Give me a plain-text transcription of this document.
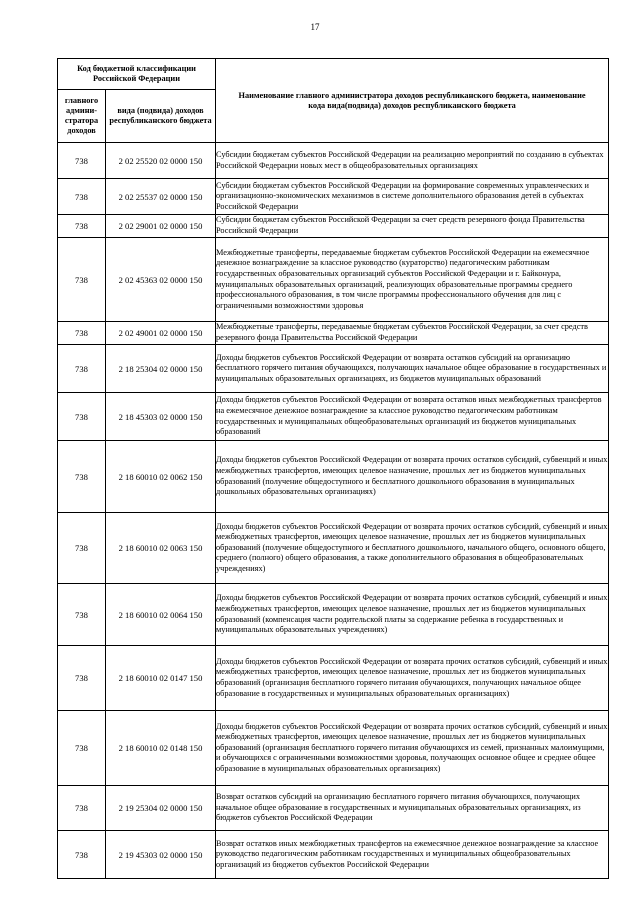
17
Код бюджетной классификации Российской Федерации		Наименование главного администратора доходов республиканского бюджета, наименование кода вида(подвида) доходов республиканского бюджета
главного админи-стратора доходов	вида (подвида) доходов республиканского бюджета	
738	2 02 25520 02 0000 150	Субсидии бюджетам субъектов Российской Федерации на реализацию мероприятий по созданию в субъектах Российской Федерации новых мест в общеобразовательных организациях
738	2 02 25537 02 0000 150	Субсидии бюджетам субъектов Российской Федерации на формирование современных управленческих и организационно-экономических механизмов в системе дополнительного образования детей в субъектах Российской Федерации
738	2 02 29001 02 0000 150	Субсидии бюджетам субъектов Российской Федерации за счет средств резервного фонда Правительства Российской Федерации
738	2 02 45363 02 0000 150	Межбюджетные трансферты, передаваемые бюджетам субъектов Российской Федерации на ежемесячное денежное вознаграждение за классное руководство (кураторство) педагогическим работникам государственных образовательных организаций субъектов Российской Федерации и г. Байконура, муниципальных образовательных организаций, реализующих образовательные программы среднего профессионального образования, в том числе программы профессионального обучения для лиц с ограниченными возможностями здоровья
738	2 02 49001 02 0000 150	Межбюджетные трансферты, передаваемые бюджетам субъектов Российской Федерации, за счет средств резервного фонда Правительства Российской Федерации
738	2 18 25304 02 0000 150	Доходы бюджетов субъектов Российской Федерации от возврата остатков субсидий на организацию бесплатного горячего питания обучающихся, получающих начальное общее образование в государственных и муниципальных образовательных организациях, из бюджетов муниципальных образований
738	2 18 45303 02 0000 150	Доходы бюджетов субъектов Российской Федерации от возврата остатков иных межбюджетных трансфертов на ежемесячное денежное вознаграждение за классное руководство педагогическим работникам государственных и муниципальных общеобразовательных организаций из бюджетов муниципальных образований
738	2 18 60010 02 0062 150	Доходы бюджетов субъектов Российской Федерации от возврата прочих остатков субсидий, субвенций и иных межбюджетных трансфертов, имеющих целевое назначение, прошлых лет из бюджетов муниципальных образований (получение общедоступного и бесплатного дошкольного образования в муниципальных дошкольных образовательных организациях)
738	2 18 60010 02 0063 150	Доходы бюджетов субъектов Российской Федерации от возврата прочих остатков субсидий, субвенций и иных межбюджетных трансфертов, имеющих целевое назначение, прошлых лет из бюджетов муниципальных образований (получение общедоступного и бесплатного дошкольного, начального общего, основного общего, среднего (полного) общего образования, а также дополнительного образования в общеобразовательных учреждениях)
738	2 18 60010 02 0064 150	Доходы бюджетов субъектов Российской Федерации от возврата прочих остатков субсидий, субвенций и иных межбюджетных трансфертов, имеющих целевое назначение, прошлых лет из бюджетов муниципальных образований (компенсация части родительской платы за содержание ребенка в государственных и муниципальных образовательных учреждениях)
738	2 18 60010 02 0147 150	Доходы бюджетов субъектов Российской Федерации от возврата прочих остатков субсидий, субвенций и иных межбюджетных трансфертов, имеющих целевое назначение, прошлых лет из бюджетов муниципальных образований (организация бесплатного горячего питания обучающихся, получающих начальное общее образование в государственных и муниципальных образовательных организациях)
738	2 18 60010 02 0148 150	Доходы бюджетов субъектов Российской Федерации от возврата прочих остатков субсидий, субвенций и иных межбюджетных трансфертов, имеющих целевое назначение, прошлых лет из бюджетов муниципальных образований (организация бесплатного горячего питания обучающихся из семей, признанных малоимущими, и обучающихся с ограниченными возможностями здоровья, получающих основное общее и среднее общее образование в муниципальных образовательных организациях)
738	2 19 25304 02 0000 150	Возврат остатков субсидий на организацию бесплатного горячего питания обучающихся, получающих начальное общее образование в государственных и муниципальных образовательных организациях, из бюджетов субъектов Российской Федерации
738	2 19 45303 02 0000 150	Возврат остатков иных межбюджетных трансфертов на ежемесячное денежное вознаграждение за классное руководство педагогическим работникам государственных и муниципальных общеобразовательных организаций из бюджетов субъектов Российской Федерации
